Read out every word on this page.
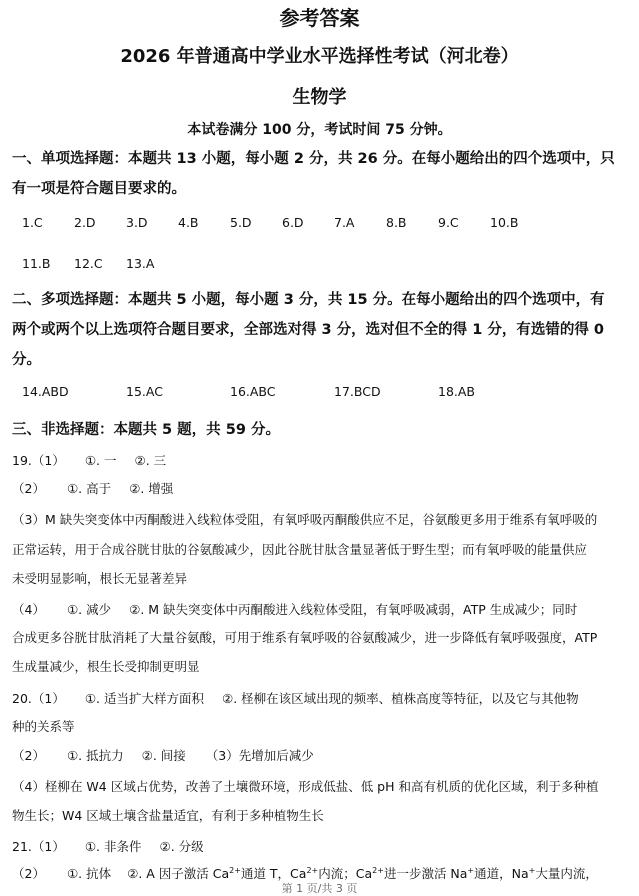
参考答案
2026 年普通高中学业水平选择性考试（河北卷）
生物学
本试卷满分 100 分，考试时间 75 分钟。
一、单项选择题：本题共 13 小题，每小题 2 分，共 26 分。在每小题给出的四个选项中，只
有一项是符合题目要求的。
1.C	2.D 3.D 4.B	5.D 6.D 7.A	8.B	9.C	10.B
11.B 12.C 13.A
二、多项选择题：本题共 5 小题，每小题 3 分，共 15 分。在每小题给出的四个选项中，有
两个或两个以上选项符合题目要求，全部选对得 3 分，选对但不全的得 1 分，有选错的得 0
分。
14.ABD	15.AC	16.ABC	17.BCD	18.AB
三、非选择题：本题共 5 题，共 59 分。
19.（1） ①. 一 ②. 三
（2） ①. 高于 ②. 增强
（3）M 缺失突变体中丙酮酸进入线粒体受阻，有氧呼吸丙酮酸供应不足，谷氨酸更多用于维系有氧呼吸的
正常运转，用于合成谷胱甘肽的谷氨酸减少，因此谷胱甘肽含量显著低于野生型；而有氧呼吸的能量供应
未受明显影响，根长无显著差异
（4） ①. 减少 ②. M 缺失突变体中丙酮酸进入线粒体受阻，有氧呼吸减弱，ATP 生成减少；同时
合成更多谷胱甘肽消耗了大量谷氨酸，可用于维系有氧呼吸的谷氨酸减少，进一步降低有氧呼吸强度，ATP
生成量减少，根生长受抑制更明显
20.（1） ①. 适当扩大样方面积 ②. 柽柳在该区域出现的频率、植株高度等特征，以及它与其他物
种的关系等
（2） ①. 抵抗力 ②. 间接 （3）先增加后减少
（4）柽柳在 W4 区域占优势，改善了土壤微环境，形成低盐、低 pH 和高有机质的优化区域，利于多种植
物生长；W4 区域土壤含盐量适宜，有利于多种植物生长
21.（1） ①. 非条件 ②. 分级
（2） ①. 抗体 ②. A 因子激活 $Ca^{2+}$通道 T，$Ca^{2+}$内流；$Ca^{2+}$进一步激活 Na+通道，Na+大量内流，
第 1 页/共 3 页
